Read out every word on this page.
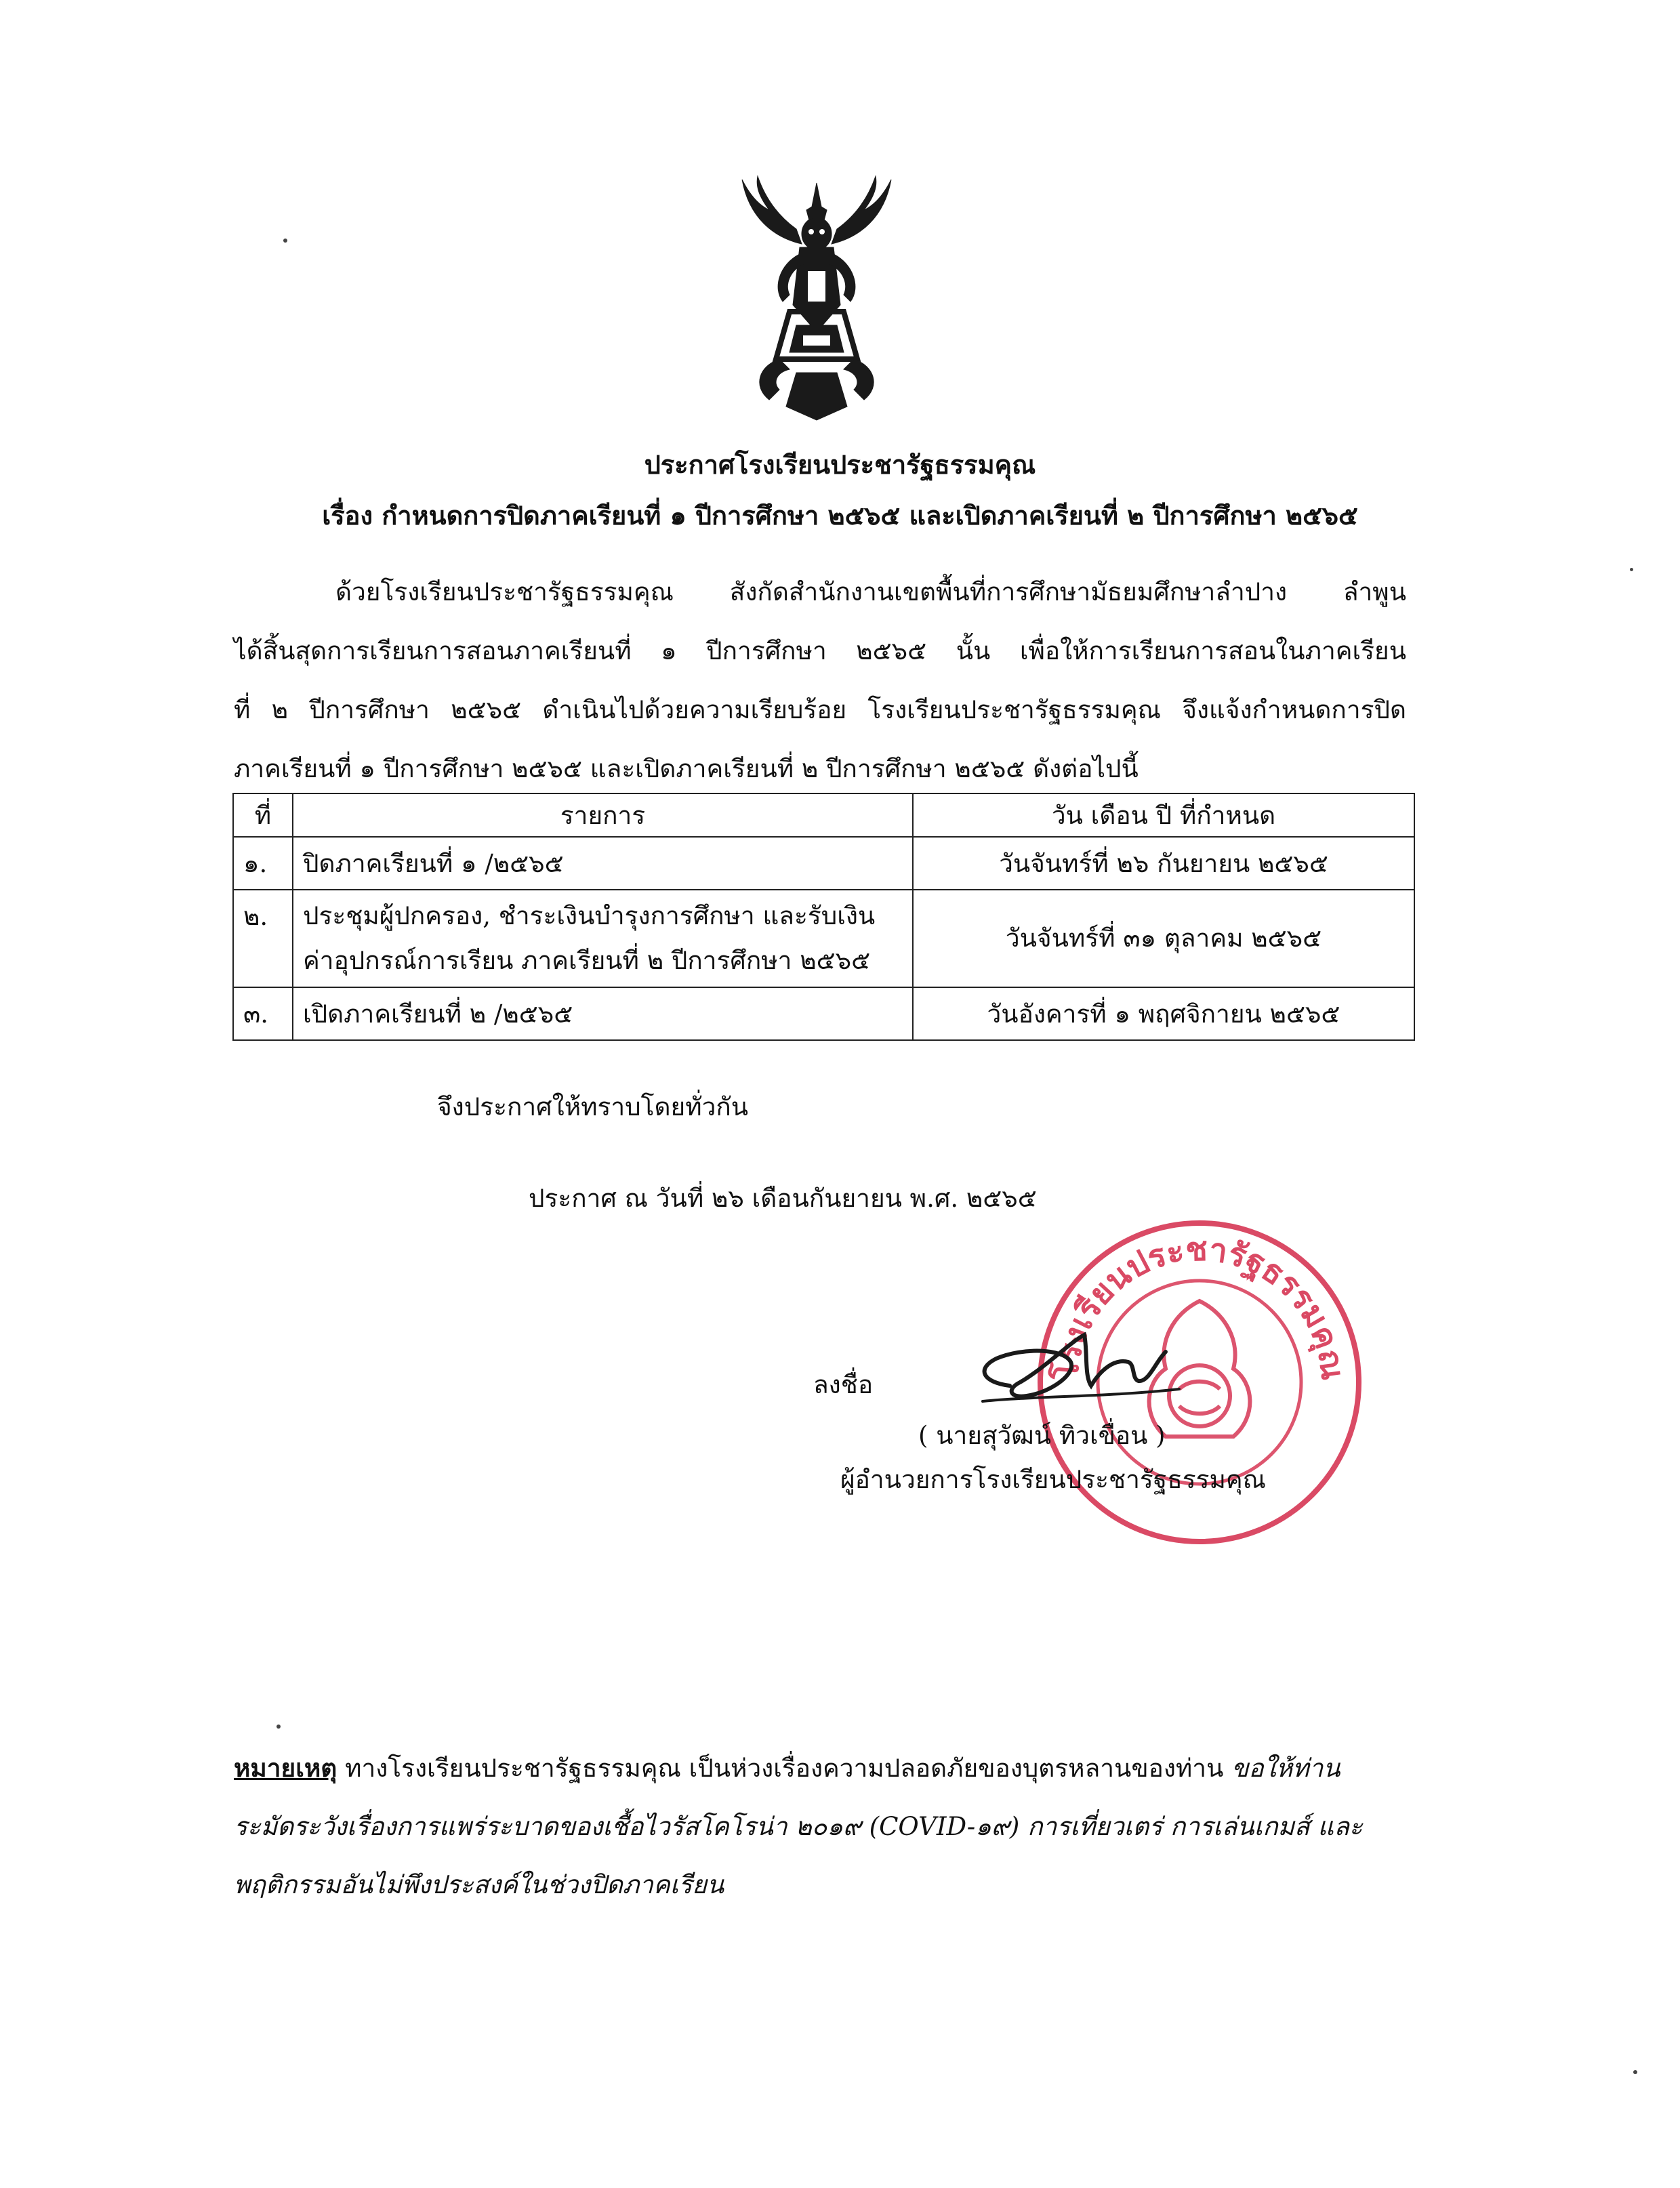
ประกาศโรงเรียนประชารัฐธรรมคุณ
เรื่อง กำหนดการปิดภาคเรียนที่ ๑ ปีการศึกษา ๒๕๖๕ และเปิดภาคเรียนที่ ๒ ปีการศึกษา ๒๕๖๕
ด้วยโรงเรียนประชารัฐธรรมคุณ สังกัดสำนักงานเขตพื้นที่การศึกษามัธยมศึกษาลำปาง ลำพูน
ได้สิ้นสุดการเรียนการสอนภาคเรียนที่ ๑ ปีการศึกษา ๒๕๖๕ นั้น เพื่อให้การเรียนการสอนในภาคเรียน
ที่ ๒ ปีการศึกษา ๒๕๖๕ ดำเนินไปด้วยความเรียบร้อย โรงเรียนประชารัฐธรรมคุณ จึงแจ้งกำหนดการปิด
ภาคเรียนที่ ๑ ปีการศึกษา ๒๕๖๕ และเปิดภาคเรียนที่ ๒ ปีการศึกษา ๒๕๖๕ ดังต่อไปนี้
ที่	รายการ	วัน เดือน ปี ที่กำหนด
๑.	ปิดภาคเรียนที่ ๑ /๒๕๖๕	วันจันทร์ที่ ๒๖ กันยายน ๒๕๖๕
๒.	ประชุมผู้ปกครอง, ชำระเงินบำรุงการศึกษา และรับเงิน
ค่าอุปกรณ์การเรียน ภาคเรียนที่ ๒ ปีการศึกษา ๒๕๖๕	วันจันทร์ที่ ๓๑ ตุลาคม ๒๕๖๕
๓.	เปิดภาคเรียนที่ ๒ /๒๕๖๕	วันอังคารที่ ๑ พฤศจิกายน ๒๕๖๕
จึงประกาศให้ทราบโดยทั่วกัน
ประกาศ ณ วันที่ ๒๖ เดือนกันยายน พ.ศ. ๒๕๖๕
โรงเรียนประชารัฐธรรมคุณ
ลงชื่อ
( นายสุวัฒน์ ทิวเขื่อน )
ผู้อำนวยการโรงเรียนประชารัฐธรรมคุณ
หมายเหตุ ทางโรงเรียนประชารัฐธรรมคุณ เป็นห่วงเรื่องความปลอดภัยของบุตรหลานของท่าน ขอให้ท่าน
ระมัดระวังเรื่องการแพร่ระบาดของเชื้อไวรัสโคโรน่า ๒๐๑๙ (COVID-๑๙) การเที่ยวเตร่ การเล่นเกมส์ และ
พฤติกรรมอันไม่พึงประสงค์ในช่วงปิดภาคเรียน
